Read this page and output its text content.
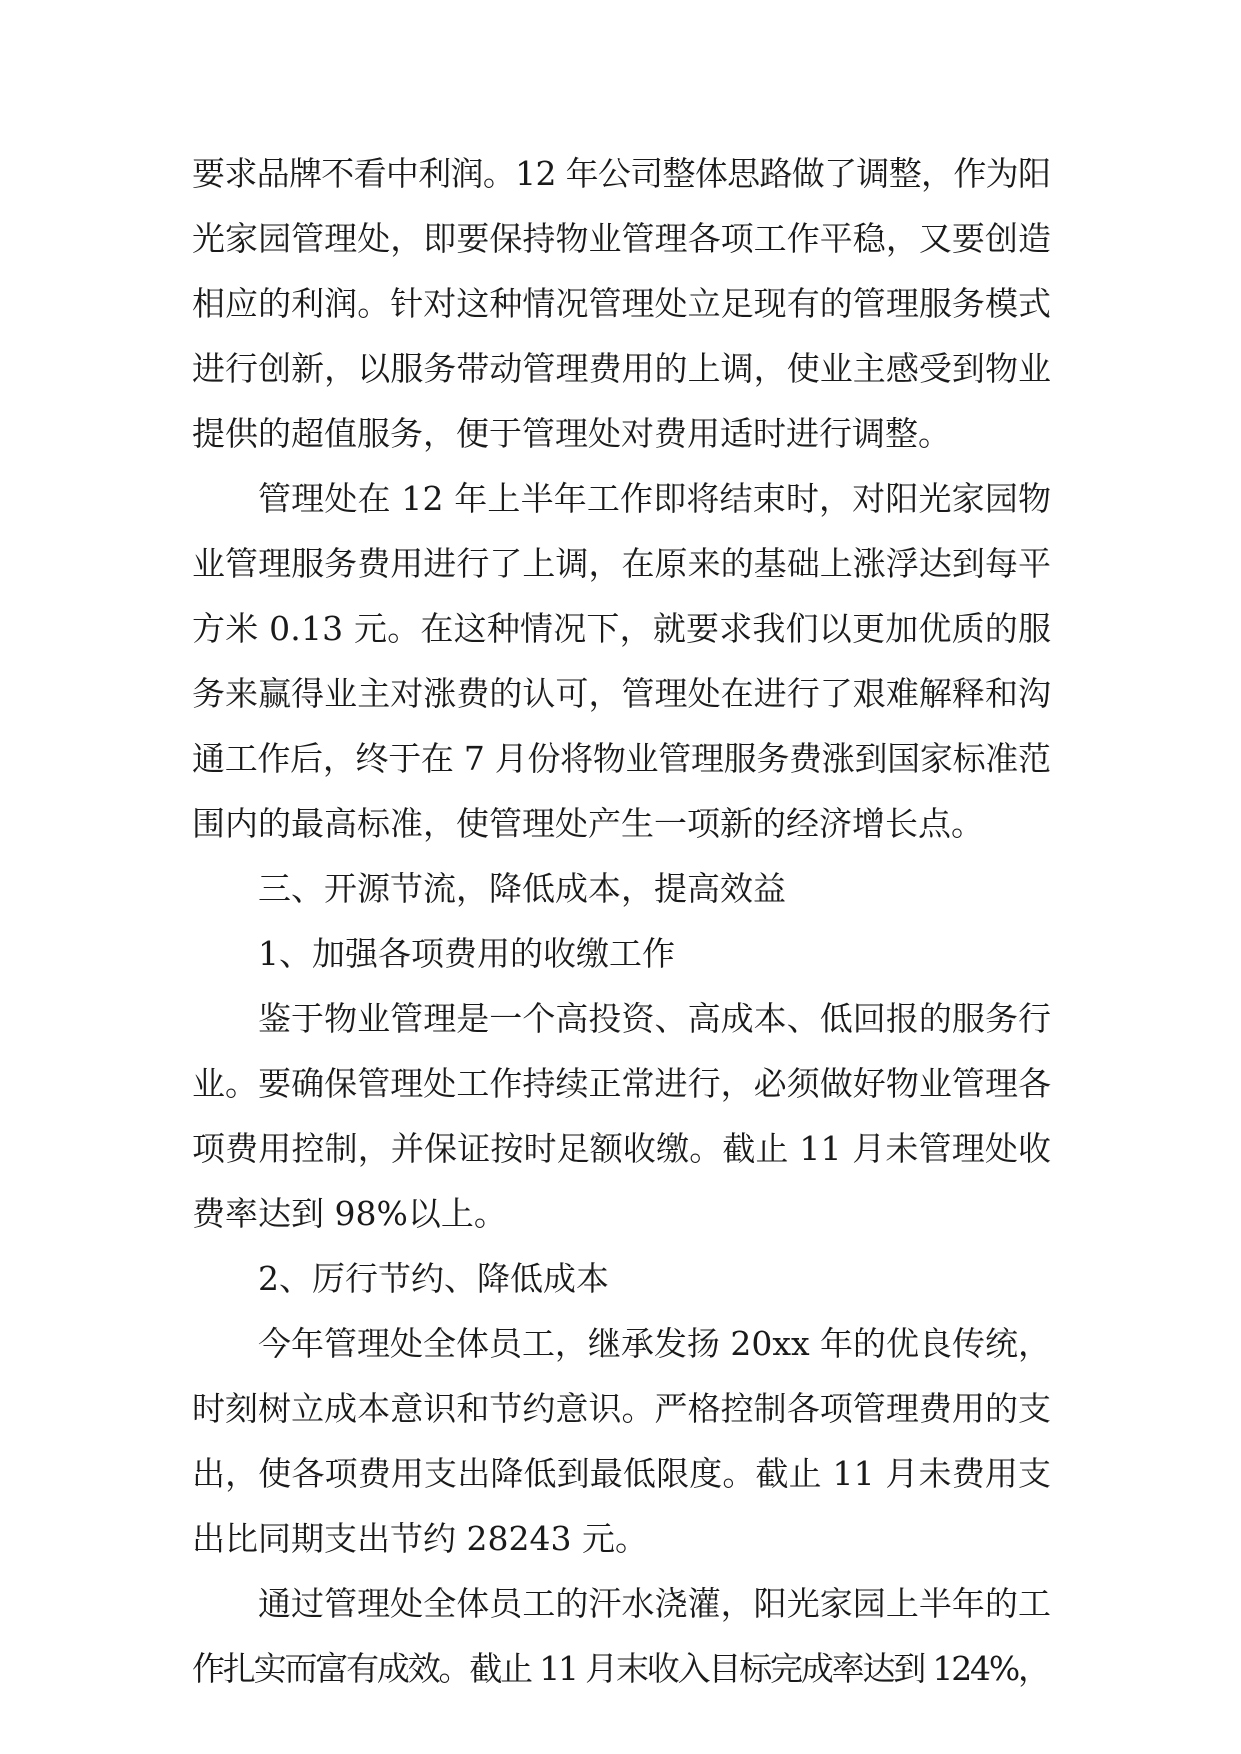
要求品牌不看中利润。12 年公司整体思路做了调整，作为阳
光家园管理处，即要保持物业管理各项工作平稳，又要创造
相应的利润。针对这种情况管理处立足现有的管理服务模式
进行创新，以服务带动管理费用的上调，使业主感受到物业
提供的超值服务，便于管理处对费用适时进行调整。
管理处在 12 年上半年工作即将结束时，对阳光家园物
业管理服务费用进行了上调，在原来的基础上涨浮达到每平
方米 0.13 元。在这种情况下，就要求我们以更加优质的服
务来赢得业主对涨费的认可，管理处在进行了艰难解释和沟
通工作后，终于在 7 月份将物业管理服务费涨到国家标准范
围内的最高标准，使管理处产生一项新的经济增长点。
三、开源节流，降低成本，提高效益
1、加强各项费用的收缴工作
鉴于物业管理是一个高投资、高成本、低回报的服务行
业。要确保管理处工作持续正常进行，必须做好物业管理各
项费用控制，并保证按时足额收缴。截止 11 月未管理处收
费率达到 98%以上。
2、厉行节约、降低成本
今年管理处全体员工，继承发扬 20xx 年的优良传统，
时刻树立成本意识和节约意识。严格控制各项管理费用的支
出，使各项费用支出降低到最低限度。截止 11 月未费用支
出比同期支出节约 28243 元。
通过管理处全体员工的汗水浇灌，阳光家园上半年的工
作扎实而富有成效。截止 11 月末收入目标完成率达到 124%，
